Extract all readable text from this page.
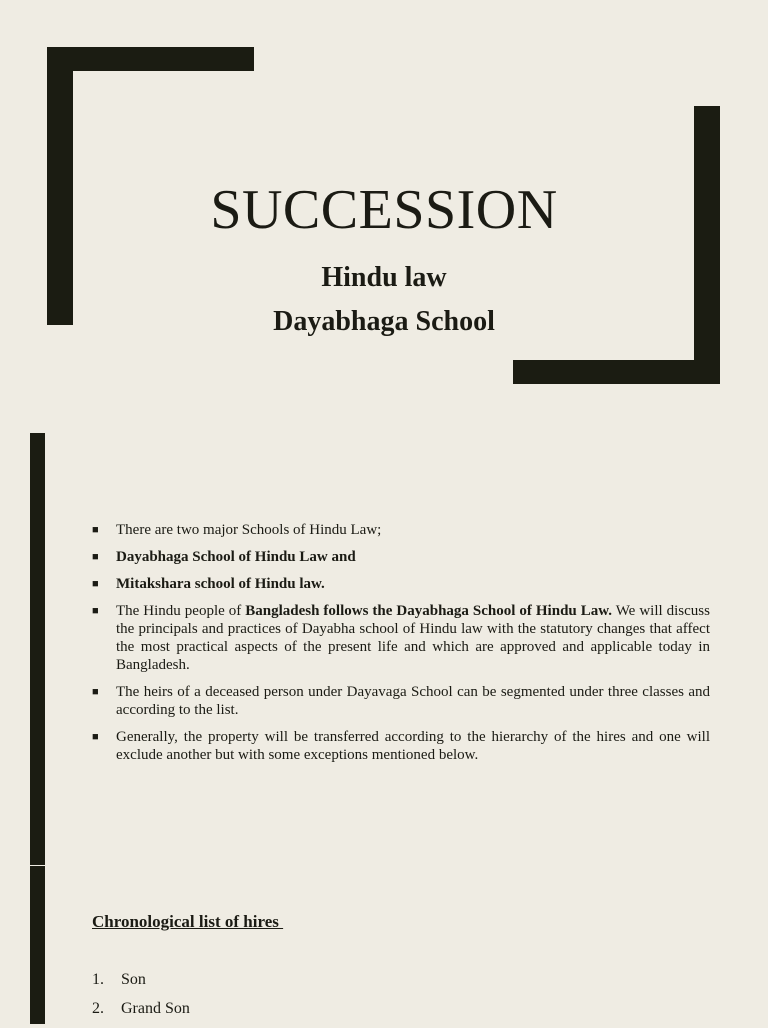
SUCCESSION

Hindu law

Dayabhaga School

■ There are two major Schools of Hindu Law;
■ Dayabhaga School of Hindu Law and
■ Mitakshara school of Hindu law.
■ The Hindu people of Bangladesh follows the Dayabhaga School of Hindu Law. We will discuss the principals and practices of Dayabha school of Hindu law with the statutory changes that affect the most practical aspects of the present life and which are approved and applicable today in Bangladesh.
■ The heirs of a deceased person under Dayavaga School can be segmented under three classes and according to the list.
■ Generally, the property will be transferred according to the hierarchy of the hires and one will exclude another but with some exceptions mentioned below.

Chronological list of hires

1. Son
2. Grand Son
